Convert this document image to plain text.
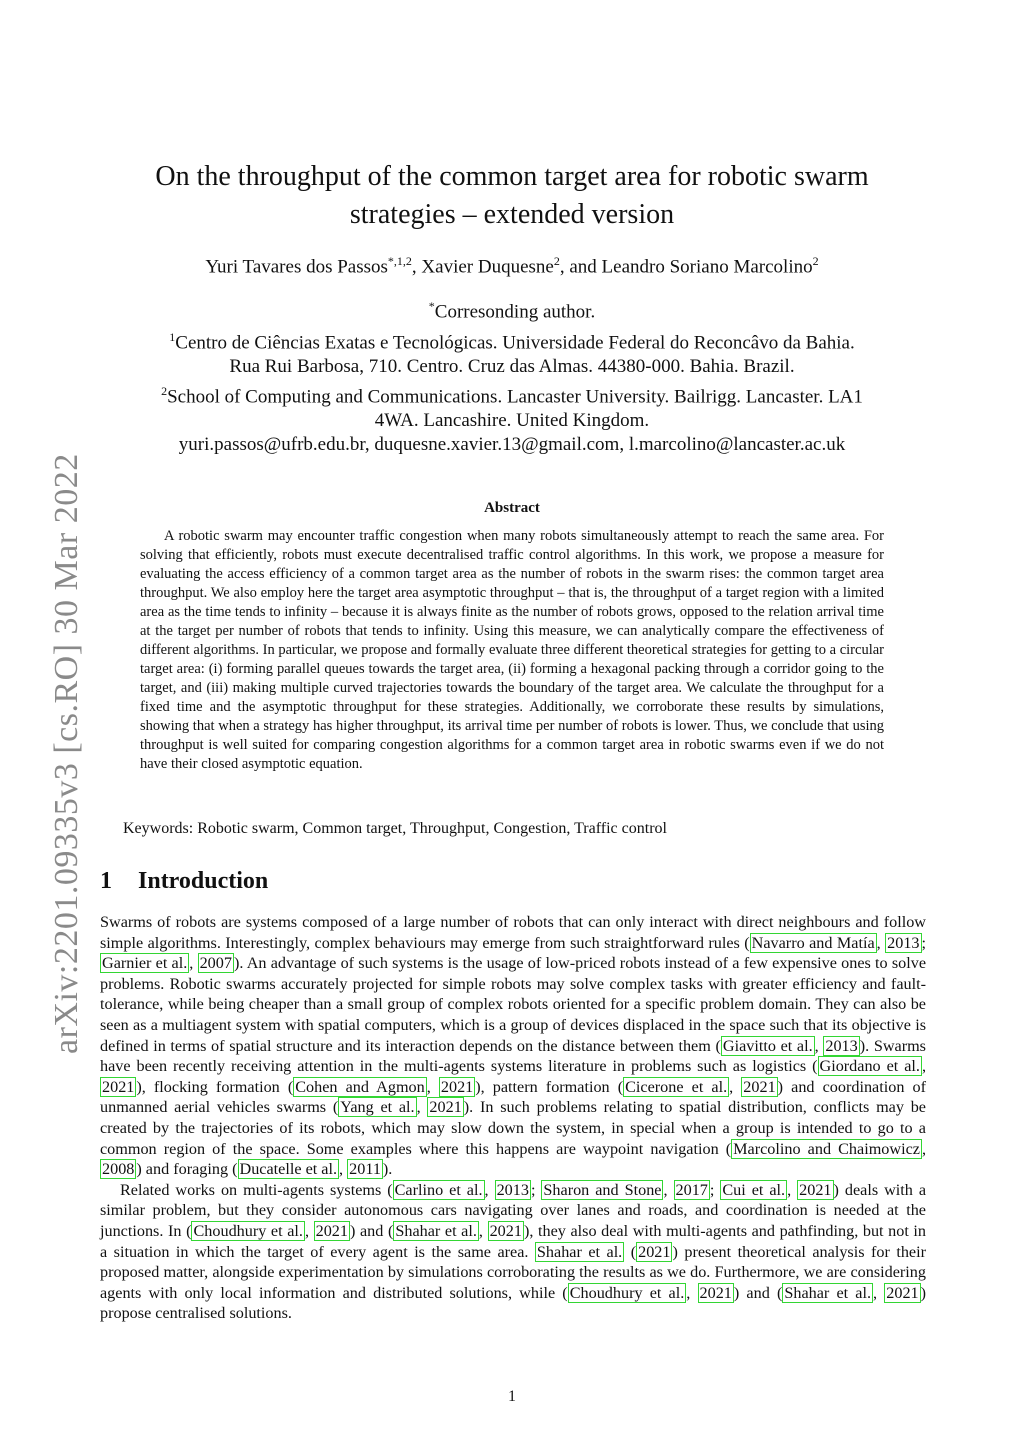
arXiv:2201.09335v3 [cs.RO] 30 Mar 2022
On the throughput of the common target area for robotic swarm
strategies – extended version
Yuri Tavares dos Passos$^{*,1,2}$, Xavier Duquesne$^2$, and Leandro Soriano Marcolino$^2$
*Corresonding author.
$^1$Centro de Ciências Exatas e Tecnológicas. Universidade Federal do Reconcâvo da Bahia.
Rua Rui Barbosa, 710. Centro. Cruz das Almas. 44380-000. Bahia. Brazil.
$^2$School of Computing and Communications. Lancaster University. Bailrigg. Lancaster. LA1
4WA. Lancashire. United Kingdom.
yuri.passos@ufrb.edu.br, duquesne.xavier.13@gmail.com, l.marcolino@lancaster.ac.uk
Abstract

A robotic swarm may encounter traffic congestion when many robots simultaneously attempt to reach the same area. For solving that efficiently, robots must execute decentralised traffic control algorithms. In this work, we propose a measure for evaluating the access efficiency of a common target area as the number of robots in the swarm rises: the common target area throughput. We also employ here the target area asymptotic throughput – that is, the throughput of a target region with a limited area as the time tends to infinity – because it is always finite as the number of robots grows, opposed to the relation arrival time at the target per number of robots that tends to infinity. Using this measure, we can analytically compare the effectiveness of different algorithms. In particular, we propose and formally evaluate three different theoretical strategies for getting to a circular target area: (i) forming parallel queues towards the target area, (ii) forming a hexagonal packing through a corridor going to the target, and (iii) making multiple curved trajectories towards the boundary of the target area. We calculate the throughput for a fixed time and the asymptotic throughput for these strategies. Additionally, we corroborate these results by simulations, showing that when a strategy has higher throughput, its arrival time per number of robots is lower. Thus, we conclude that using throughput is well suited for comparing congestion algorithms for a common target area in robotic swarms even if we do not have their closed asymptotic equation.

Keywords: Robotic swarm, Common target, Throughput, Congestion, Traffic control
1 Introduction

Swarms of robots are systems composed of a large number of robots that can only interact with direct neighbours and follow simple algorithms. Interestingly, complex behaviours may emerge from such straightforward rules ( Navarro and Matía , 2013 ; Garnier et al. , 2007 ). An advantage of such systems is the usage of low-priced robots instead of a few expensive ones to solve problems. Robotic swarms accurately projected for simple robots may solve complex tasks with greater efficiency and fault-tolerance, while being cheaper than a small group of complex robots oriented for a specific problem domain. They can also be seen as a multiagent system with spatial computers, which is a group of devices displaced in the space such that its objective is defined in terms of spatial structure and its interaction depends on the distance between them ( Giavitto et al. , 2013 ). Swarms have been recently receiving attention in the multi-agents systems literature in problems such as logistics ( Giordano et al. , 2021 ), flocking formation ( Cohen and Agmon , 2021 ), pattern formation ( Cicerone et al. , 2021 ) and coordination of unmanned aerial vehicles swarms ( Yang et al. , 2021 ). In such problems relating to spatial distribution, conflicts may be created by the trajectories of its robots, which may slow down the system, in special when a group is intended to go to a common region of the space. Some examples where this happens are waypoint navigation ( Marcolino and Chaimowicz , 2008 ) and foraging ( Ducatelle et al. , 2011 ).

Related works on multi-agents systems ( Carlino et al. , 2013 ; Sharon and Stone , 2017 ; Cui et al. , 2021 ) deals with a similar problem, but they consider autonomous cars navigating over lanes and roads, and coordination is needed at the junctions. In ( Choudhury et al. , 2021 ) and ( Shahar et al. , 2021 ), they also deal with multi-agents and pathfinding, but not in a situation in which the target of every agent is the same area. Shahar et al. ( 2021 ) present theoretical analysis for their proposed matter, alongside experimentation by simulations corroborating the results as we do. Furthermore, we are considering agents with only local information and distributed solutions, while ( Choudhury et al. , 2021 ) and ( Shahar et al. , 2021 ) propose centralised solutions.

1
